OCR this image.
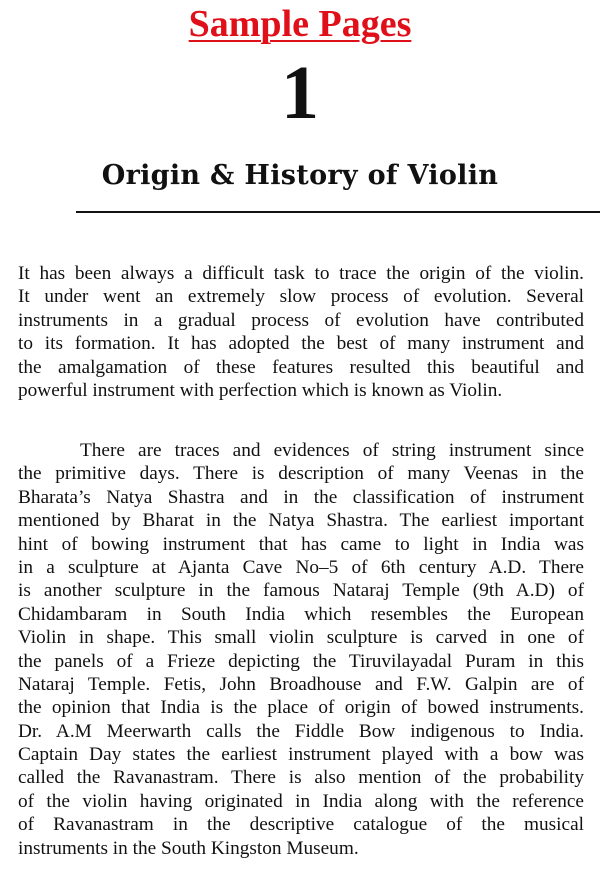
Sample Pages
1
Origin & History of Violin
It has been always a difficult task to trace the origin of the violin.
It under went an extremely slow process of evolution. Several
instruments in a gradual process of evolution have contributed
to its formation. It has adopted the best of many instrument and
the amalgamation of these features resulted this beautiful and
powerful instrument with perfection which is known as Violin.
There are traces and evidences of string instrument since
the primitive days. There is description of many Veenas in the
Bharata’s Natya Shastra and in the classification of instrument
mentioned by Bharat in the Natya Shastra. The earliest important
hint of bowing instrument that has came to light in India was
in a sculpture at Ajanta Cave No–5 of 6th century A.D. There
is another sculpture in the famous Nataraj Temple (9th A.D) of
Chidambaram in South India which resembles the European
Violin in shape. This small violin sculpture is carved in one of
the panels of a Frieze depicting the Tiruvilayadal Puram in this
Nataraj Temple. Fetis, John Broadhouse and F.W. Galpin are of
the opinion that India is the place of origin of bowed instruments.
Dr. A.M Meerwarth calls the Fiddle Bow indigenous to India.
Captain Day states the earliest instrument played with a bow was
called the Ravanastram. There is also mention of the probability
of the violin having originated in India along with the reference
of Ravanastram in the descriptive catalogue of the musical
instruments in the South Kingston Museum.
